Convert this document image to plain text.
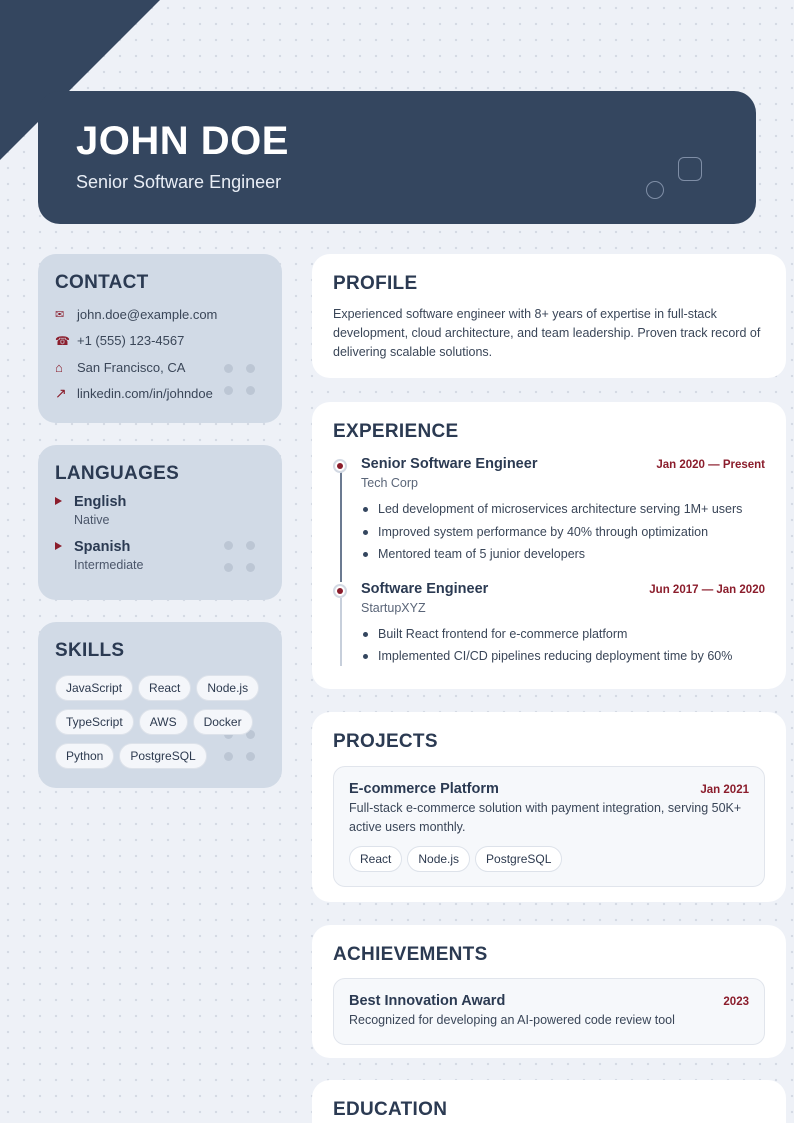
JOHN DOE
Senior Software Engineer
CONTACT
✉ john.doe@example.com
☎ +1 (555) 123-4567
⌂	San Francisco, CA
↗ linkedin.com/in/johndoe
LANGUAGES
English
Native
Spanish
Intermediate
SKILLS
JavaScript	React	Node.js
TypeScript	AWS	Docker
Python	PostgreSQL
PROFILE

Experienced software engineer with 8+ years of expertise in full-stack development, cloud architecture, and team leadership. Proven track record of delivering scalable solutions.

EXPERIENCE
Senior Software Engineer	Jan 2020 — Present
Tech Corp
Led development of microservices architecture serving 1M+ users
Improved system performance by 40% through optimization
Mentored team of 5 junior developers
Software Engineer	Jun 2017 — Jan 2020
StartupXYZ
Built React frontend for e-commerce platform
Implemented CI/CD pipelines reducing deployment time by 60%
PROJECTS
E-commerce Platform	Jan 2021
Full-stack e-commerce solution with payment integration, serving 50K+ active users monthly.
React	Node.js	PostgreSQL
ACHIEVEMENTS
Best Innovation Award	2023
Recognized for developing an AI-powered code review tool
EDUCATION
